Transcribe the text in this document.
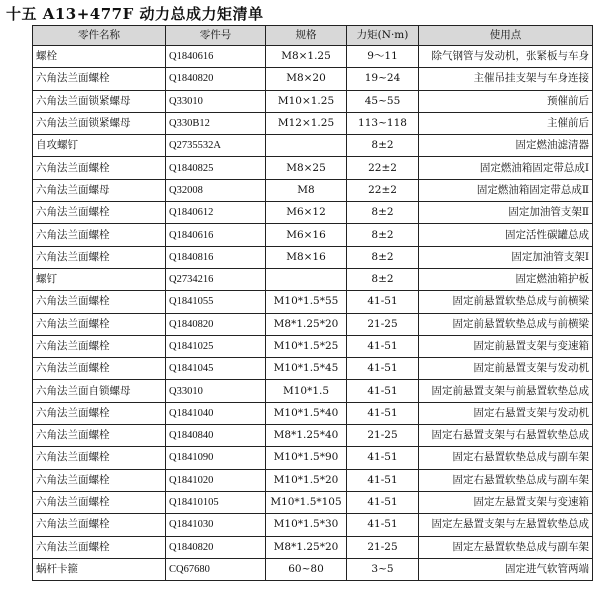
十五 A13+477F 动力总成力矩清单
零件名称	零件号	规格	力矩(N·m)	使用点
螺栓	Q1840616	M8×1.25	9～11	除气钢管与发动机，张紧板与车身
六角法兰面螺栓	Q1840820	M8×20	19~24	主催吊挂支架与车身连接
六角法兰面锁紧螺母	Q33010	M10×1.25	45~55	预催前后
六角法兰面锁紧螺母	Q330B12	M12×1.25	113~118	主催前后
自攻螺钉	Q2735532A		8±2	固定燃油滤清器
六角法兰面螺栓	Q1840825	M8×25	22±2	固定燃油箱固定带总成Ⅰ
六角法兰面螺母	Q32008	M8	22±2	固定燃油箱固定带总成Ⅱ
六角法兰面螺栓	Q1840612	M6×12	8±2	固定加油管支架Ⅱ
六角法兰面螺栓	Q1840616	M6×16	8±2	固定活性碳罐总成
六角法兰面螺栓	Q1840816	M8×16	8±2	固定加油管支架Ⅰ
螺钉	Q2734216		8±2	固定燃油箱护板
六角法兰面螺栓	Q1841055	M10*1.5*55	41-51	固定前悬置软垫总成与前横梁
六角法兰面螺栓	Q1840820	M8*1.25*20	21-25	固定前悬置软垫总成与前横梁
六角法兰面螺栓	Q1841025	M10*1.5*25	41-51	固定前悬置支架与变速箱
六角法兰面螺栓	Q1841045	M10*1.5*45	41-51	固定前悬置支架与发动机
六角法兰面自锁螺母	Q33010	M10*1.5	41-51	固定前悬置支架与前悬置软垫总成
六角法兰面螺栓	Q1841040	M10*1.5*40	41-51	固定右悬置支架与发动机
六角法兰面螺栓	Q1840840	M8*1.25*40	21-25	固定右悬置支架与右悬置软垫总成
六角法兰面螺栓	Q1841090	M10*1.5*90	41-51	固定右悬置软垫总成与副车架
六角法兰面螺栓	Q1841020	M10*1.5*20	41-51	固定右悬置软垫总成与副车架
六角法兰面螺栓	Q18410105	M10*1.5*105	41-51	固定左悬置支架与变速箱
六角法兰面螺栓	Q1841030	M10*1.5*30	41-51	固定左悬置支架与左悬置软垫总成
六角法兰面螺栓	Q1840820	M8*1.25*20	21-25	固定左悬置软垫总成与副车架
蜗杆卡箍	CQ67680	60~80	3~5	固定进气软管两端
